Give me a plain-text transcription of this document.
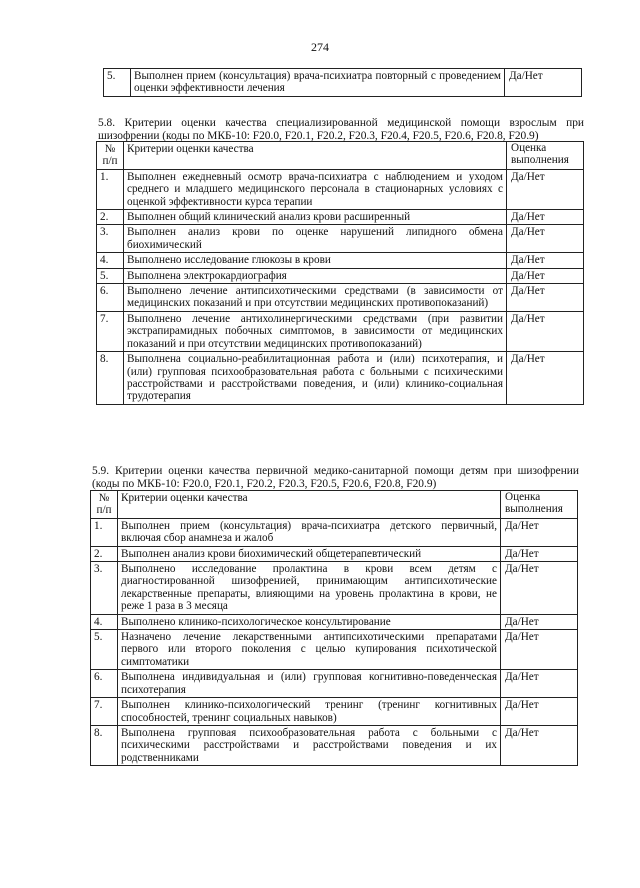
274
5.	Выполнен прием (консультация) врача-психиатра повторный с проведением оценки эффективности лечения	Да/Нет
5.8. Критерии оценки качества специализированной медицинской помощи взрослым при шизофрении (коды по МКБ-10: F20.0, F20.1, F20.2, F20.3, F20.4, F20.5, F20.6, F20.8, F20.9)
№ п/п	Критерии оценки качества	Оценка выполнения
1.	Выполнен ежедневный осмотр врача-психиатра с наблюдением и уходом среднего и младшего медицинского персонала в стационарных условиях с оценкой эффективности курса терапии	Да/Нет
2.	Выполнен общий клинический анализ крови расширенный	Да/Нет
3.	Выполнен анализ крови по оценке нарушений липидного обмена биохимический	Да/Нет
4.	Выполнено исследование глюкозы в крови	Да/Нет
5.	Выполнена электрокардиография	Да/Нет
6.	Выполнено лечение антипсихотическими средствами (в зависимости от медицинских показаний и при отсутствии медицинских противопоказаний)	Да/Нет
7.	Выполнено лечение антихолинергическими средствами (при развитии экстрапирамидных побочных симптомов, в зависимости от медицинских показаний и при отсутствии медицинских противопоказаний)	Да/Нет
8.	Выполнена социально-реабилитационная работа и (или) психотерапия, и (или) групповая психообразовательная работа с больными с психическими расстройствами и расстройствами поведения, и (или) клинико-социальная трудотерапия	Да/Нет
5.9. Критерии оценки качества первичной медико-санитарной помощи детям при шизофрении (коды по МКБ-10: F20.0, F20.1, F20.2, F20.3, F20.5, F20.6, F20.8, F20.9)
№ п/п	Критерии оценки качества	Оценка выполнения
1.	Выполнен прием (консультация) врача-психиатра детского первичный, включая сбор анамнеза и жалоб	Да/Нет
2.	Выполнен анализ крови биохимический общетерапевтический	Да/Нет
3.	Выполнено исследование пролактина в крови всем детям с диагностированной шизофренией, принимающим антипсихотические лекарственные препараты, влияющими на уровень пролактина в крови, не реже 1 раза в 3 месяца	Да/Нет
4.	Выполнено клинико-психологическое консультирование	Да/Нет
5.	Назначено лечение лекарственными антипсихотическими препаратами первого или второго поколения с целью купирования психотической симптоматики	Да/Нет
6.	Выполнена индивидуальная и (или) групповая когнитивно-поведенческая психотерапия	Да/Нет
7.	Выполнен клинико-психологический тренинг (тренинг когнитивных способностей, тренинг социальных навыков)	Да/Нет
8.	Выполнена групповая психообразовательная работа с больными с психическими расстройствами и расстройствами поведения и их родственниками	Да/Нет
